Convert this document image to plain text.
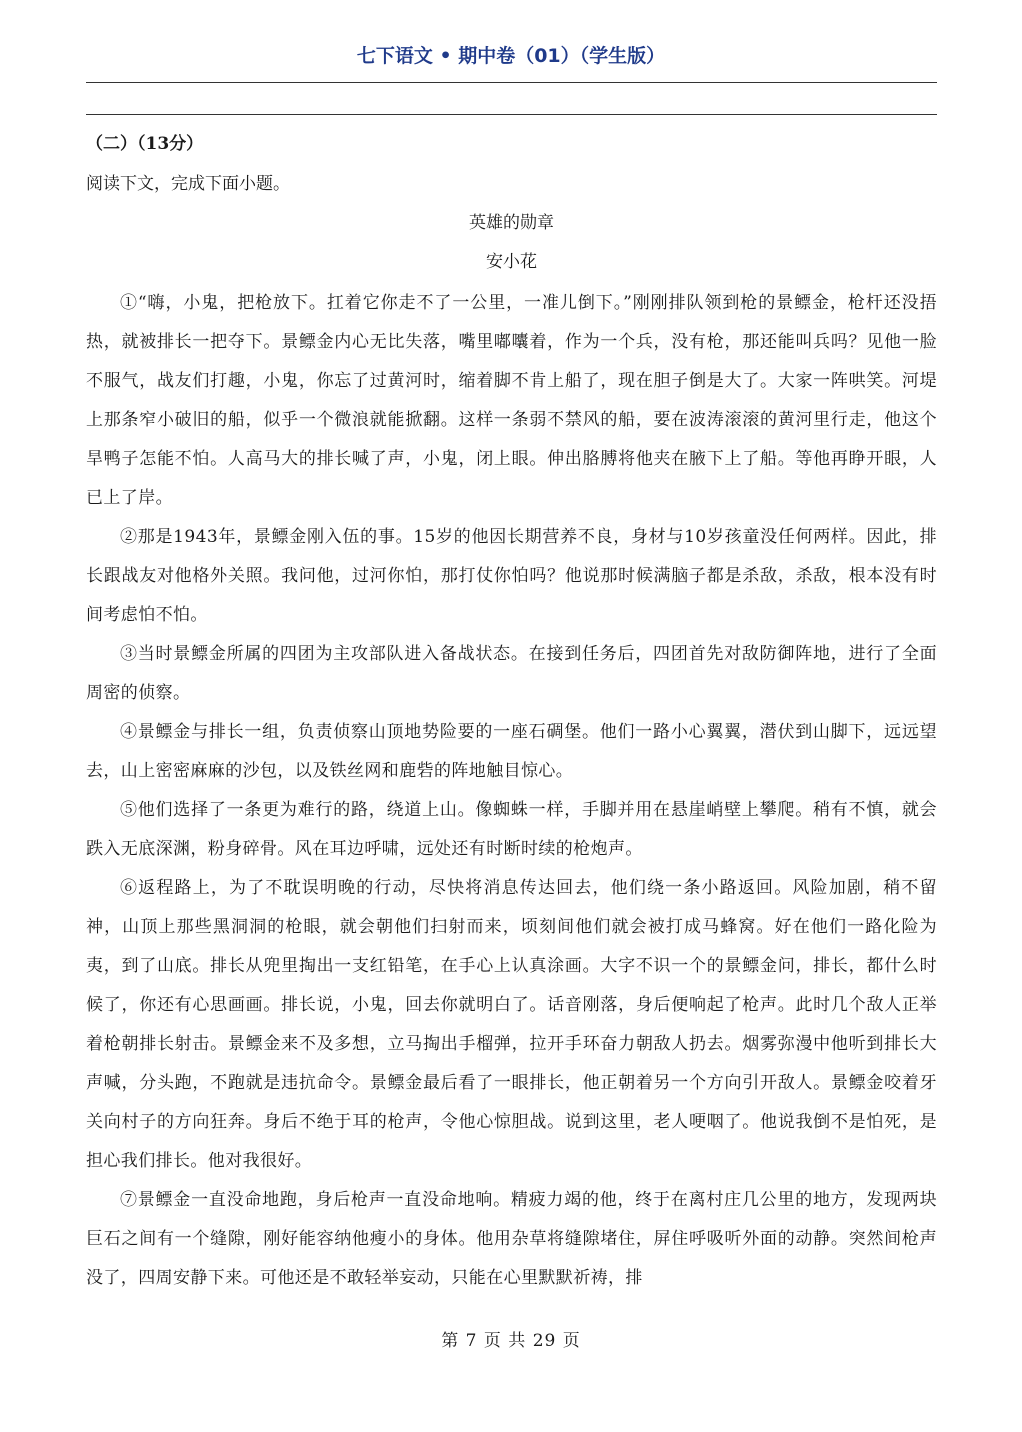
七下语文 • 期中卷（01）（学生版）
（二）（13分）
阅读下文，完成下面小题。
英雄的勋章
安小花

①“嗨，小鬼，把枪放下。扛着它你走不了一公里，一准儿倒下。”刚刚排队领到枪的景鳔金，枪杆还没捂热，就被排长一把夺下。景鳔金内心无比失落，嘴里嘟囔着，作为一个兵，没有枪，那还能叫兵吗？见他一脸不服气，战友们打趣，小鬼，你忘了过黄河时，缩着脚不肯上船了，现在胆子倒是大了。大家一阵哄笑。河堤上那条窄小破旧的船，似乎一个微浪就能掀翻。这样一条弱不禁风的船，要在波涛滚滚的黄河里行走，他这个旱鸭子怎能不怕。人高马大的排长喊了声，小鬼，闭上眼。伸出胳膊将他夹在腋下上了船。等他再睁开眼，人已上了岸。

②那是1943年，景鳔金刚入伍的事。15岁的他因长期营养不良，身材与10岁孩童没任何两样。因此，排长跟战友对他格外关照。我问他，过河你怕，那打仗你怕吗？他说那时候满脑子都是杀敌，杀敌，根本没有时间考虑怕不怕。

③当时景鳔金所属的四团为主攻部队进入备战状态。在接到任务后，四团首先对敌防御阵地，进行了全面周密的侦察。

④景鳔金与排长一组，负责侦察山顶地势险要的一座石碉堡。他们一路小心翼翼，潜伏到山脚下，远远望去，山上密密麻麻的沙包，以及铁丝网和鹿砦的阵地触目惊心。

⑤他们选择了一条更为难行的路，绕道上山。像蜘蛛一样，手脚并用在悬崖峭壁上攀爬。稍有不慎，就会跌入无底深渊，粉身碎骨。风在耳边呼啸，远处还有时断时续的枪炮声。

⑥返程路上，为了不耽误明晚的行动，尽快将消息传达回去，他们绕一条小路返回。风险加剧，稍不留神，山顶上那些黑洞洞的枪眼，就会朝他们扫射而来，顷刻间他们就会被打成马蜂窝。好在他们一路化险为夷，到了山底。排长从兜里掏出一支红铅笔，在手心上认真涂画。大字不识一个的景鳔金问，排长，都什么时候了，你还有心思画画。排长说，小鬼，回去你就明白了。话音刚落，身后便响起了枪声。此时几个敌人正举着枪朝排长射击。景鳔金来不及多想，立马掏出手榴弹，拉开手环奋力朝敌人扔去。烟雾弥漫中他听到排长大声喊，分头跑，不跑就是违抗命令。景鳔金最后看了一眼排长，他正朝着另一个方向引开敌人。景鳔金咬着牙关向村子的方向狂奔。身后不绝于耳的枪声，令他心惊胆战。说到这里，老人哽咽了。他说我倒不是怕死，是担心我们排长。他对我很好。

⑦景鳔金一直没命地跑，身后枪声一直没命地响。精疲力竭的他，终于在离村庄几公里的地方，发现两块巨石之间有一个缝隙，刚好能容纳他瘦小的身体。他用杂草将缝隙堵住，屏住呼吸听外面的动静。突然间枪声没了，四周安静下来。可他还是不敢轻举妄动，只能在心里默默祈祷，排

第 7 页 共 29 页
